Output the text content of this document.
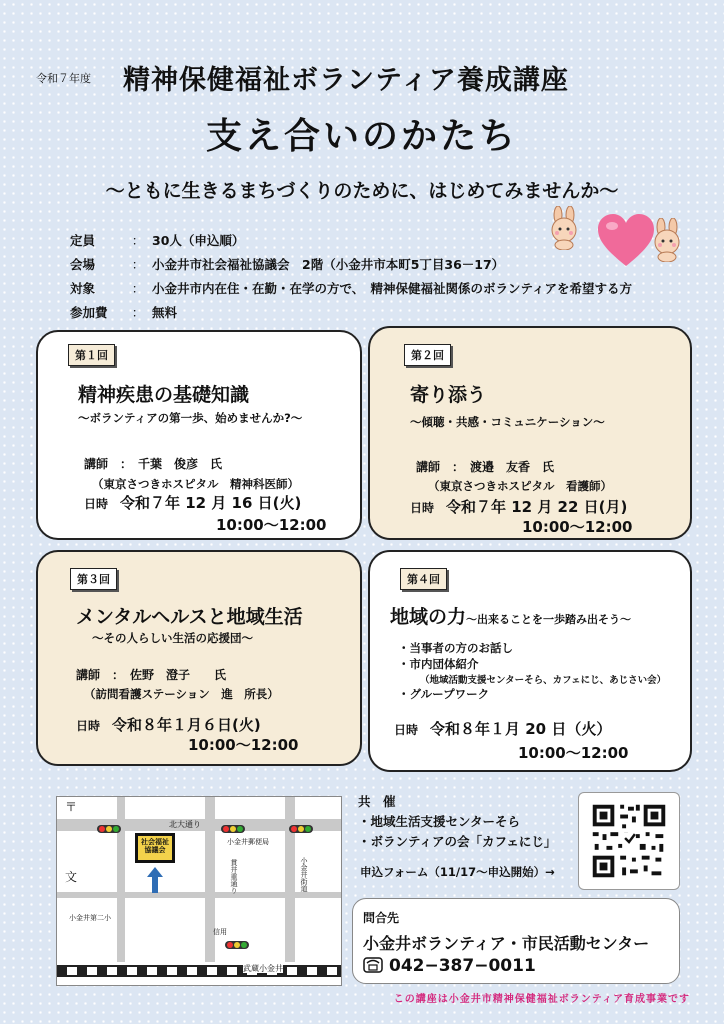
令和７年度 精神保健福祉ボランティア養成講座
支え合いのかたち
〜ともに生きるまちづくりのために、はじめてみませんか〜
定員	： 30人（申込順）
会場	： 小金井市社会福祉協議会　2階（小金井市本町5丁目36－17）
対象	： 小金井市内在住・在勤・在学の方で、　精神保健福祉関係のボランティアを希望する方
参加費	： 無料
第１回
精神疾患の基礎知識
〜ボランティアの第一歩、始めませんか?〜
講師　：　千葉　俊彦　氏
（東京さつきホスピタル　精神科医師）
日時 令和７年 12 月 16 日(火)
10:00〜12:00
第２回
寄り添う
〜傾聴・共感・コミュニケーション〜
講師　：　渡邉　友香　氏
（東京さつきホスピタル　看護師）
日時 令和７年 12 月 22 日(月)
10:00〜12:00
第３回
メンタルヘルスと地域生活
〜その人らしい生活の応援団〜
講師　：　佐野　澄子　　氏
（訪問看護ステーション　進　所長）
日時 令和８年１月６日(火)
10:00〜12:00
第４回
地域の力〜出来ることを一歩踏み出そう〜
・当事者の方のお話し
・市内団体紹介
（地域活動支援センターそら、カフェにじ、あじさい会）
・グループワーク
日時 令和８年１月 20 日（火）
10:00〜12:00
北大通り
社会福祉協議会
小金井郵便局
貫井重通り	小金井街道
小金井第二小
信用
武蔵小金井
〒
文
共　催
・地域生活支援センターそら
・ボランティアの会「カフェにじ」
申込フォーム（11/17〜申込開始）→
問合先
小金井ボランティア・市民活動センター
042−387−0011
この講座は小金井市精神保健福祉ボランティア育成事業です
